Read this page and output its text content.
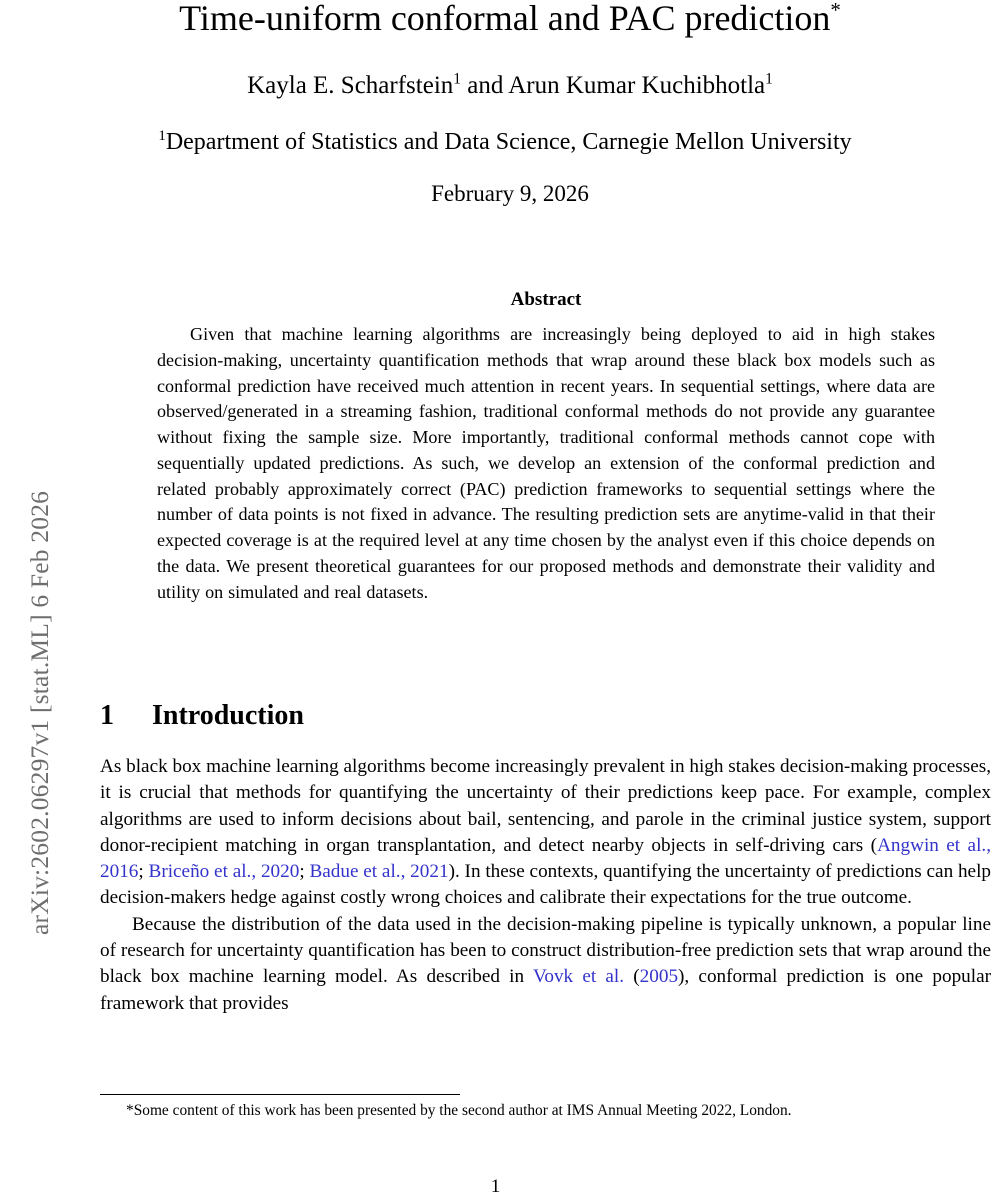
arXiv:2602.06297v1 [stat.ML] 6 Feb 2026
Time-uniform conformal and PAC prediction*
Kayla E. Scharfstein$^1$ and Arun Kumar Kuchibhotla$^1$
$^1$Department of Statistics and Data Science, Carnegie Mellon University
February 9, 2026
Abstract
Given that machine learning algorithms are increasingly being deployed to aid in high stakes decision-making, uncertainty quantification methods that wrap around these black box models such as conformal prediction have received much attention in recent years. In sequential settings, where data are observed/generated in a streaming fashion, traditional conformal methods do not provide any guarantee without fixing the sample size. More importantly, traditional conformal methods cannot cope with sequentially updated predictions. As such, we develop an extension of the conformal prediction and related probably approximately correct (PAC) prediction frameworks to sequential settings where the number of data points is not fixed in advance. The resulting prediction sets are anytime-valid in that their expected coverage is at the required level at any time chosen by the analyst even if this choice depends on the data. We present theoretical guarantees for our proposed methods and demonstrate their validity and utility on simulated and real datasets.
1 Introduction

As black box machine learning algorithms become increasingly prevalent in high stakes decision-making processes, it is crucial that methods for quantifying the uncertainty of their predictions keep pace. For example, complex algorithms are used to inform decisions about bail, sentencing, and parole in the criminal justice system, support donor-recipient matching in organ transplantation, and detect nearby objects in self-driving cars (Angwin et al., 2016; Briceño et al., 2020; Badue et al., 2021). In these contexts, quantifying the uncertainty of predictions can help decision-makers hedge against costly wrong choices and calibrate their expectations for the true outcome.

Because the distribution of the data used in the decision-making pipeline is typically unknown, a popular line of research for uncertainty quantification has been to construct distribution-free prediction sets that wrap around the black box machine learning model. As described in Vovk et al. (2005), conformal prediction is one popular framework that provides

*Some content of this work has been presented by the second author at IMS Annual Meeting 2022, London.
1
